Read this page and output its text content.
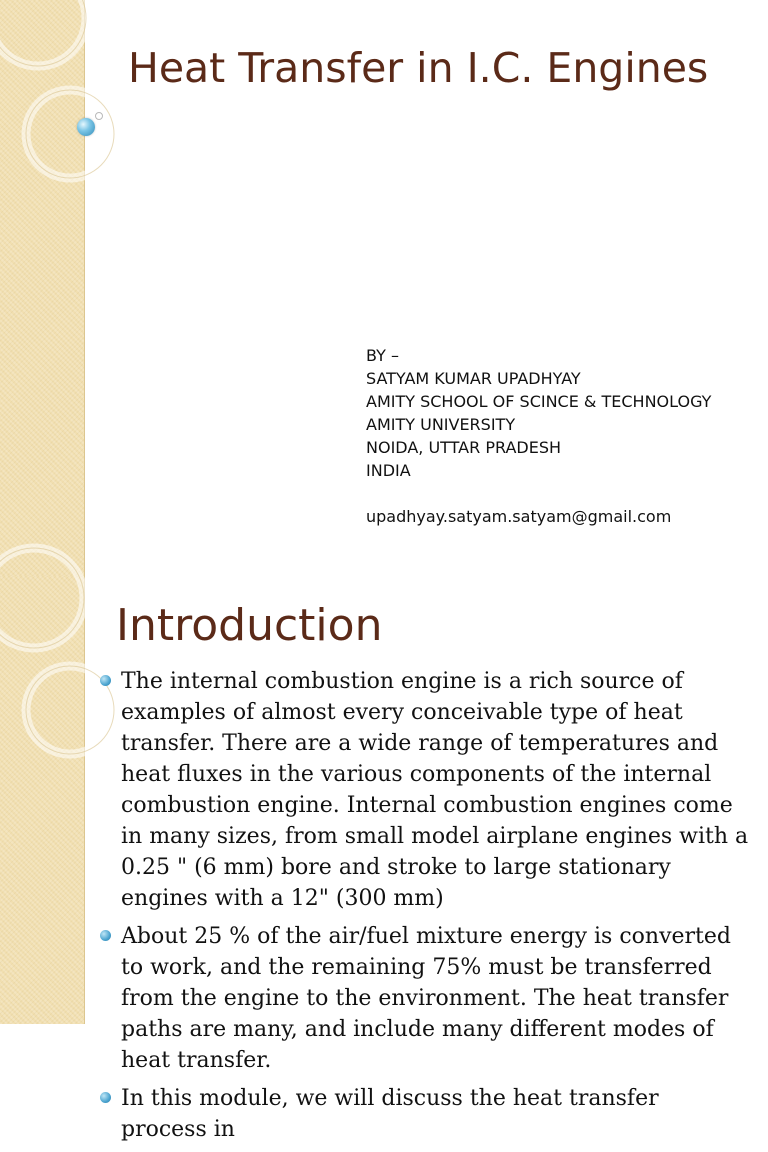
Heat Transfer in I.C. Engines
BY –
SATYAM KUMAR UPADHYAY
AMITY SCHOOL OF SCINCE & TECHNOLOGY
AMITY UNIVERSITY
NOIDA, UTTAR PRADESH
INDIA
upadhyay.satyam.satyam@gmail.com
Introduction
The internal combustion engine is a rich source of examples of almost every conceivable type of heat transfer. There are a wide range of temperatures and heat fluxes in the various components of the internal combustion engine. Internal combustion engines come in many sizes, from small model airplane engines with a 0.25 " (6 mm) bore and stroke to large stationary engines with a 12" (300 mm)
About 25 % of the air/fuel mixture energy is converted to work, and the remaining 75% must be transferred from the engine to the environment. The heat transfer paths are many, and include many different modes of heat transfer.
In this module, we will discuss the heat transfer process in
